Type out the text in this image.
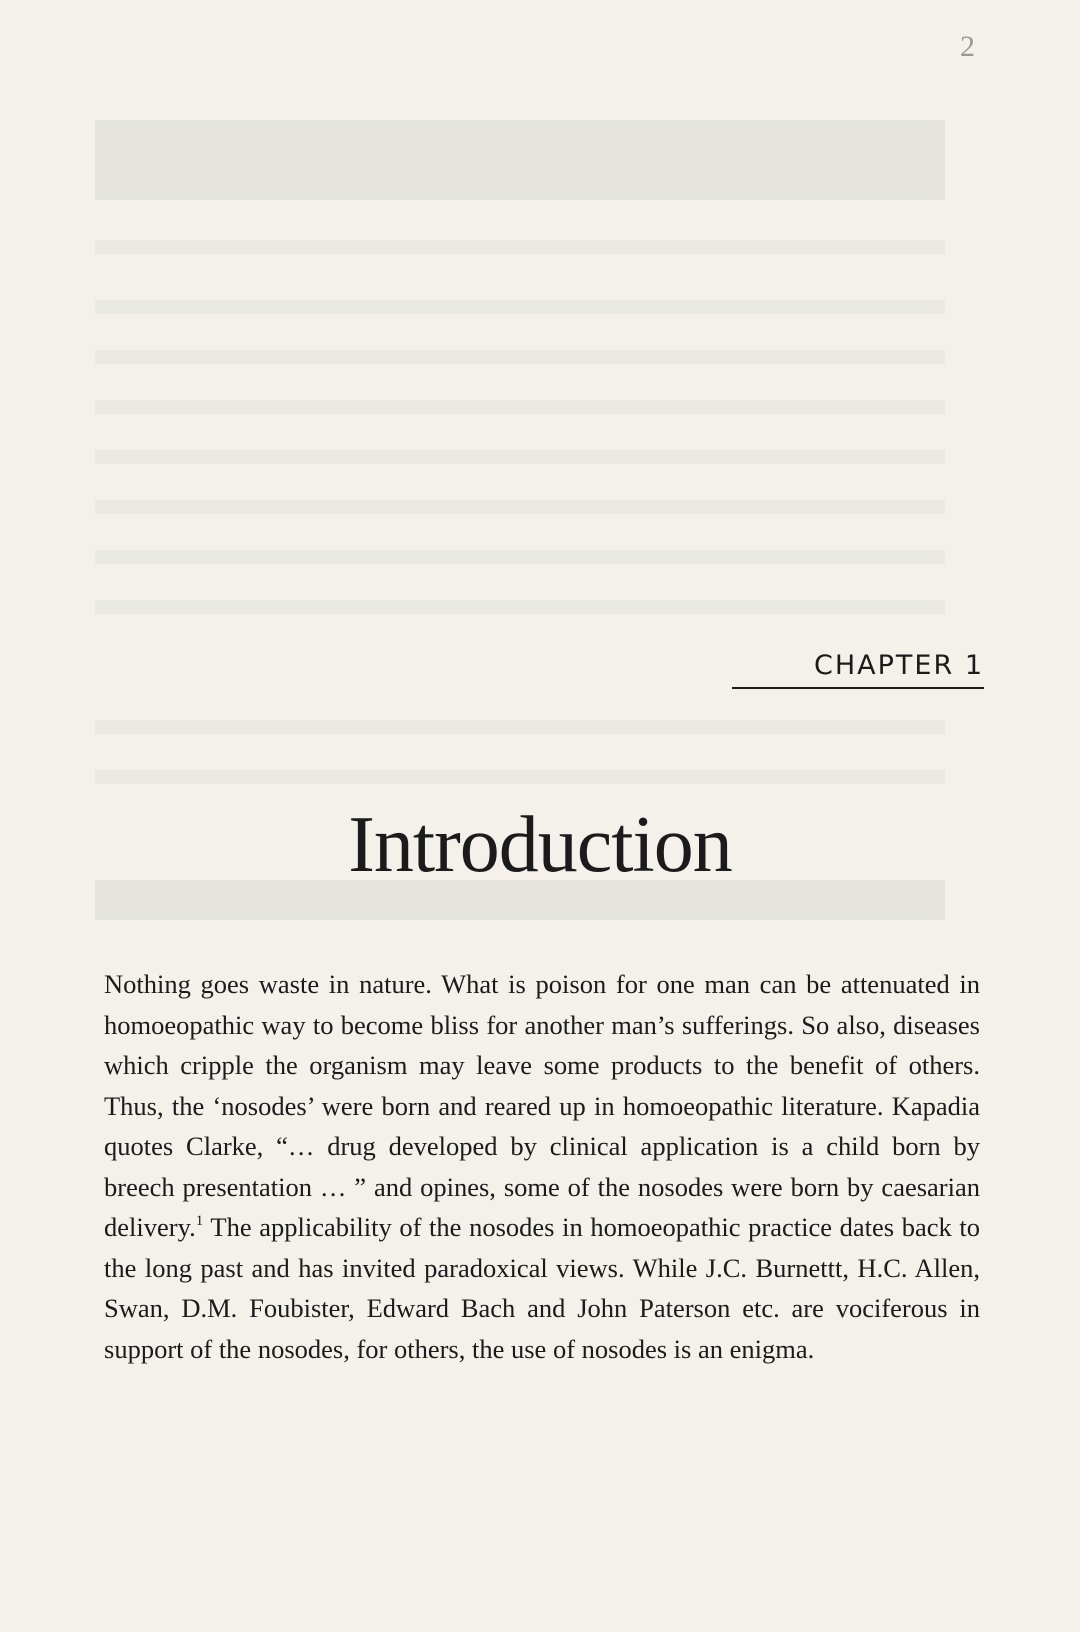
2
CHAPTER 1
Introduction

Nothing goes waste in nature. What is poison for one man can be attenuated in homoeopathic way to become bliss for another man’s sufferings. So also, diseases which cripple the organism may leave some products to the benefit of others. Thus, the ‘nosodes’ were born and reared up in homoeopathic literature. Kapadia quotes Clarke, “… drug developed by clinical application is a child born by breech presentation … ” and opines, some of the nosodes were born by caesarian delivery.$^1$ The applicability of the nosodes in homoeopathic practice dates back to the long past and has invited paradoxical views. While J.C. Burnettt, H.C. Allen, Swan, D.M. Foubister, Edward Bach and John Paterson etc. are vociferous in support of the nosodes, for others, the use of nosodes is an enigma.
